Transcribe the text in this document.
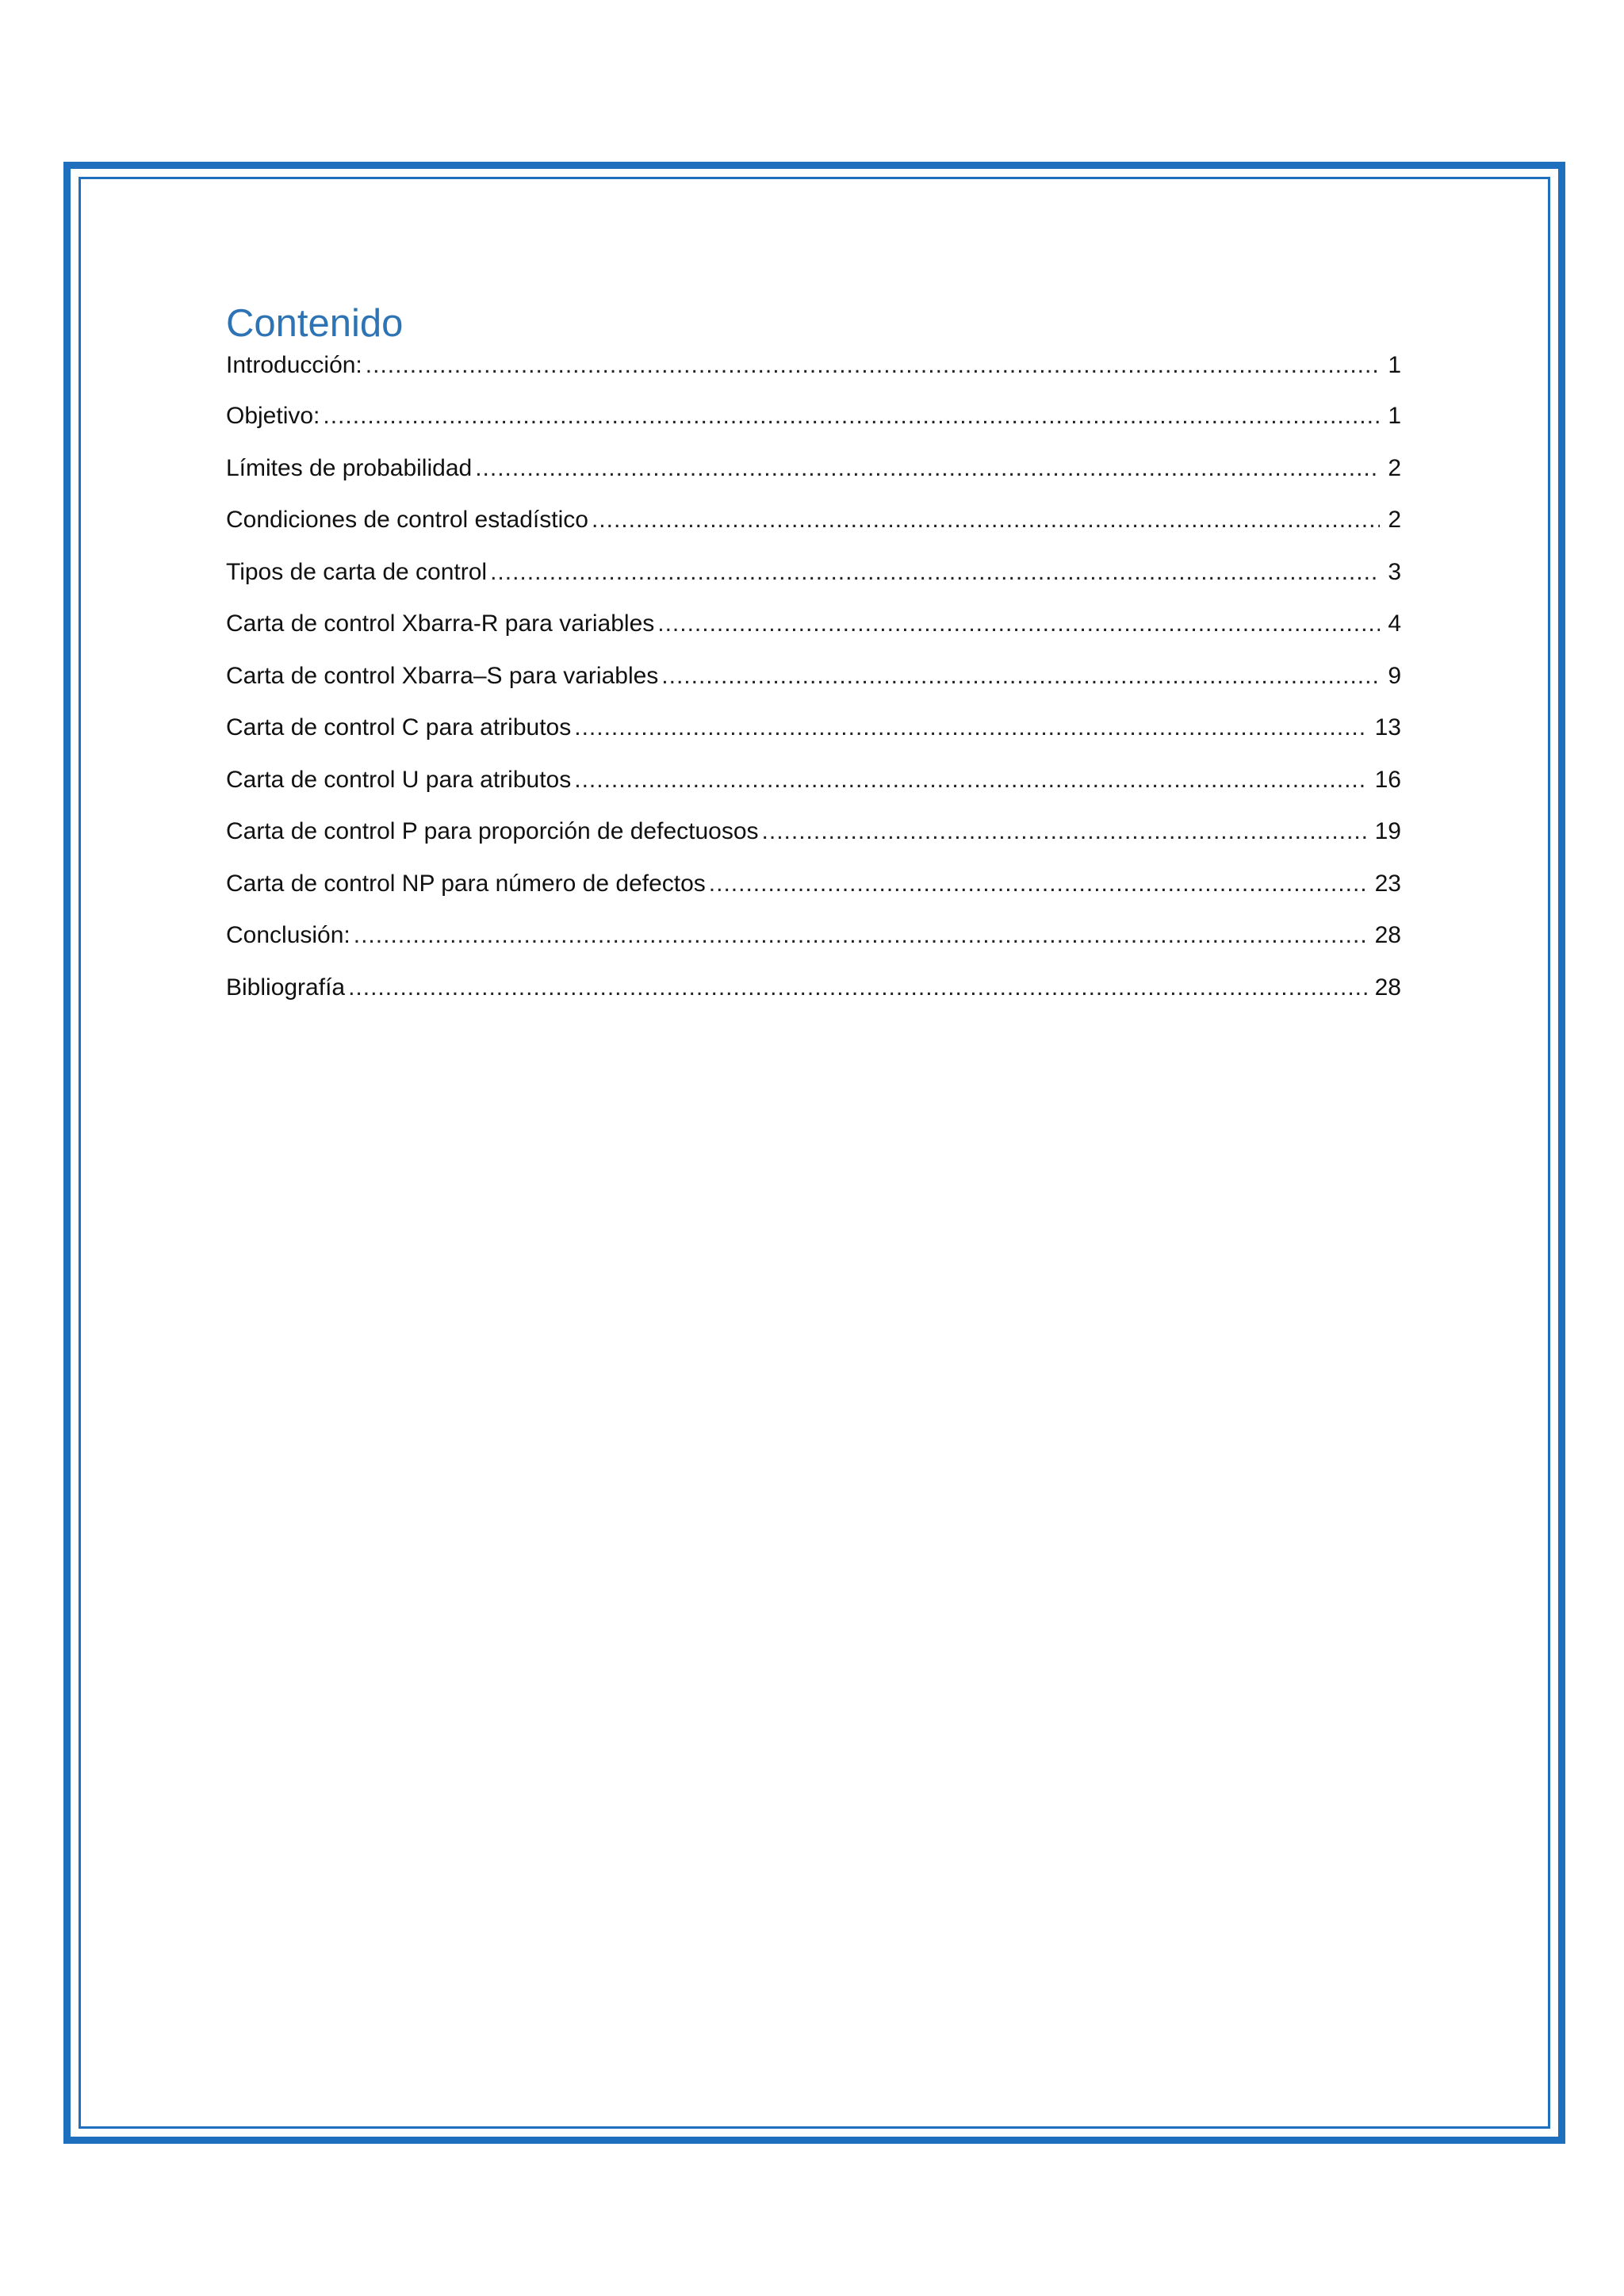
Contenido
Introducción: .....	1
Objetivo: .....	1
Límites de probabilidad .....	2
Condiciones de control estadístico .....	2
Tipos de carta de control .....	3
Carta de control Xbarra-R para variables .....	4
Carta de control Xbarra–S para variables .....	9
Carta de control C para atributos .....	13
Carta de control U para atributos .....	16
Carta de control P para proporción de defectuosos .....	19
Carta de control NP para número de defectos .....	23
Conclusión: .....	28
Bibliografía .....	28
